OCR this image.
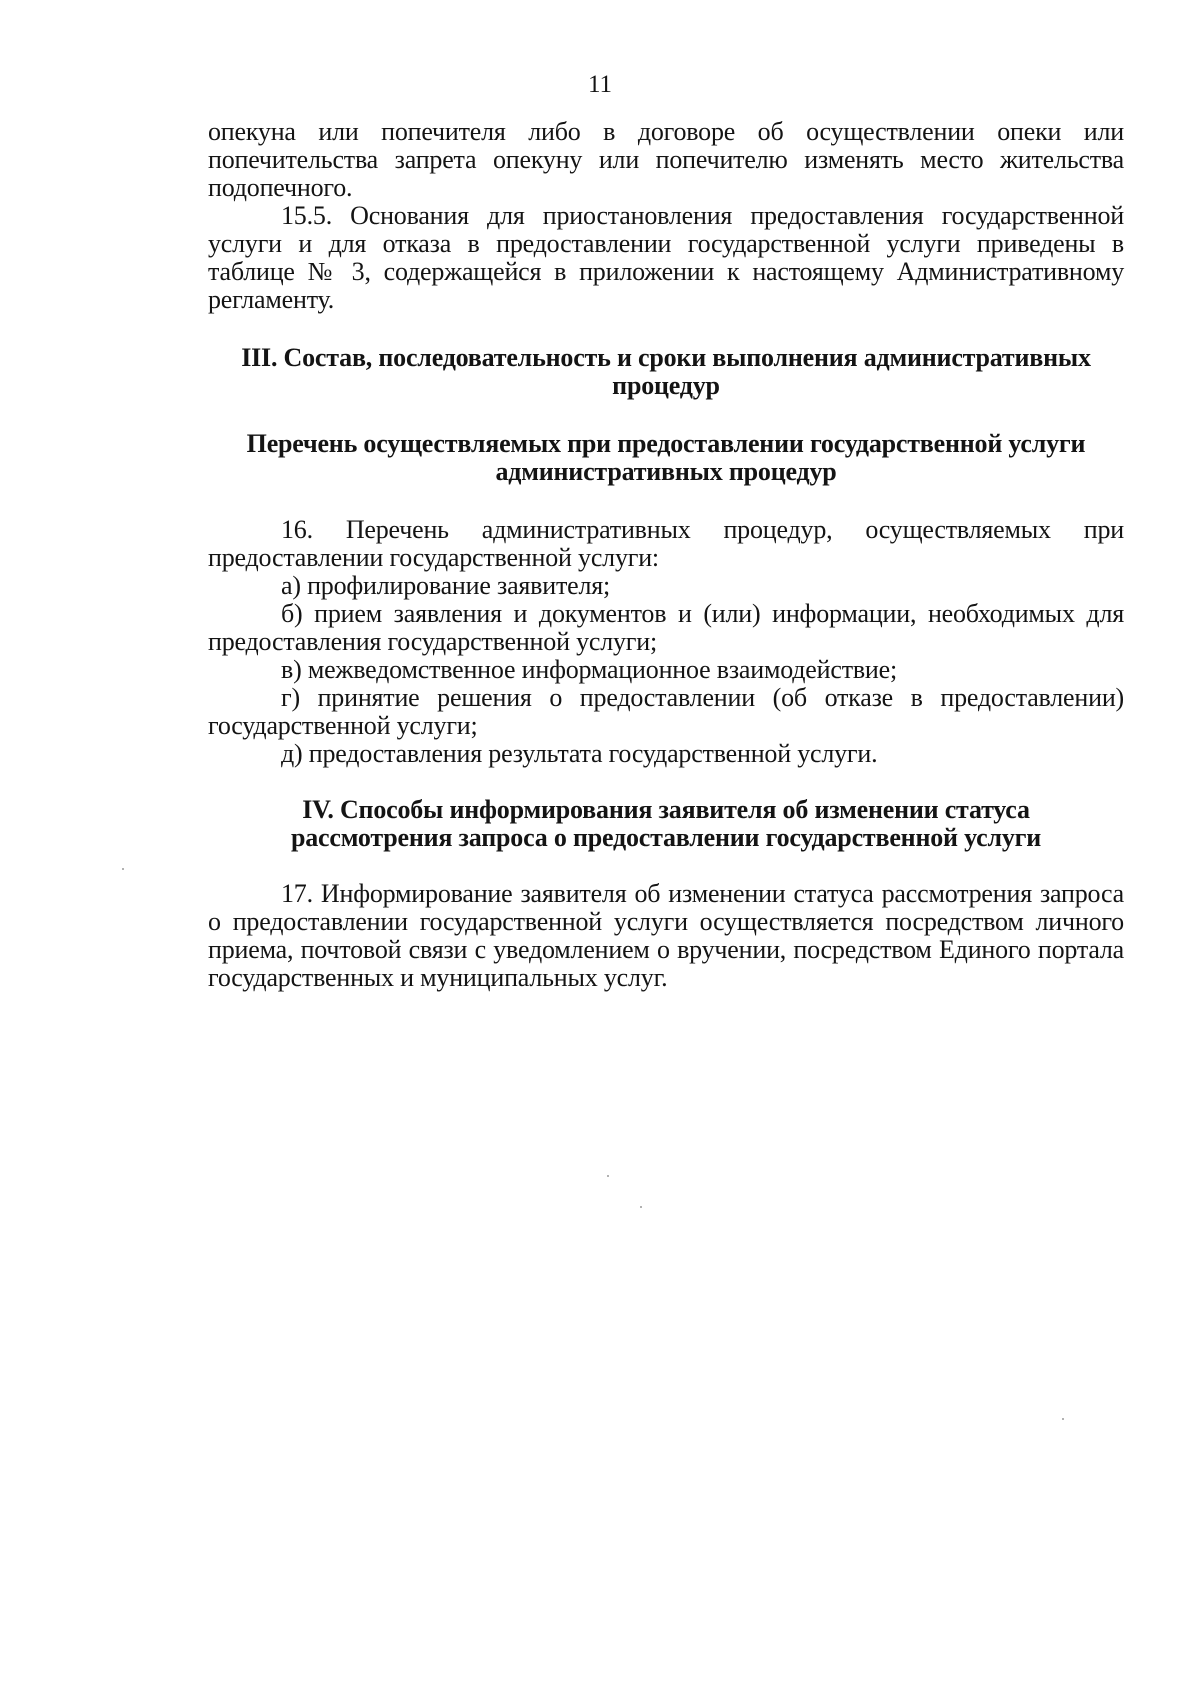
11

опекуна или попечителя либо в договоре об осуществлении опеки или попечительства запрета опекуну или попечителю изменять место жительства подопечного.

15.5. Основания для приостановления предоставления государственной услуги и для отказа в предоставлении государственной услуги приведены в таблице № 3, содержащейся в приложении к настоящему Административному регламенту.

III. Состав, последовательность и сроки выполнения административных
процедур

Перечень осуществляемых при предоставлении государственной услуги
административных процедур

16. Перечень административных процедур, осуществляемых при предоставлении государственной услуги:

а) профилирование заявителя;

б) прием заявления и документов и (или) информации, необходимых для предоставления государственной услуги;

в) межведомственное информационное взаимодействие;

г) принятие решения о предоставлении (об отказе в предоставлении) государственной услуги;

д) предоставления результата государственной услуги.

IV. Способы информирования заявителя об изменении статуса
рассмотрения запроса о предоставлении государственной услуги

17. Информирование заявителя об изменении статуса рассмотрения запроса о предоставлении государственной услуги осуществляется посредством личного приема, почтовой связи с уведомлением о вручении, посредством Единого портала государственных и муниципальных услуг.
